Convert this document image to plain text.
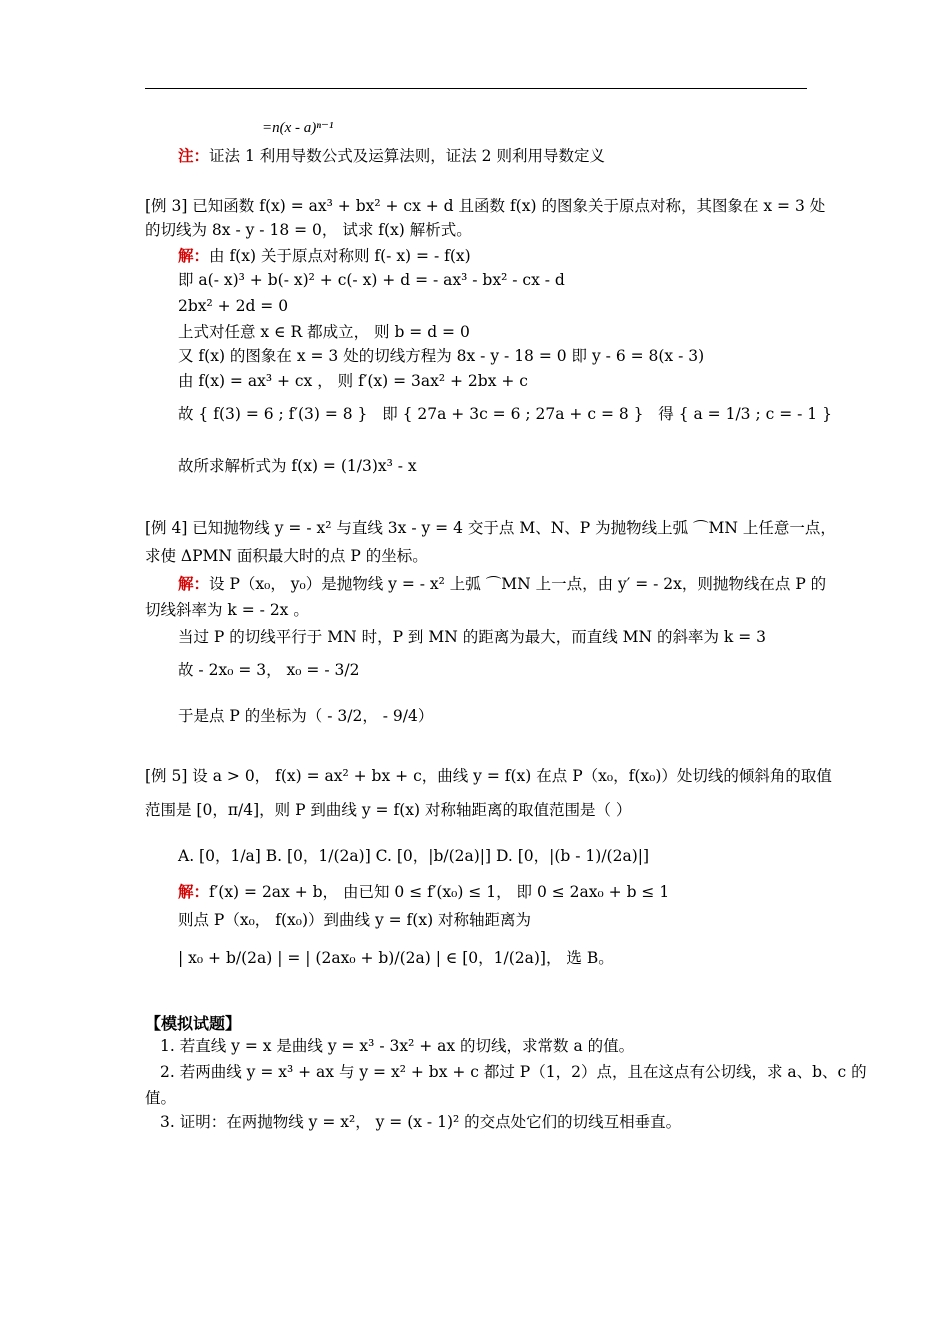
=n(x - a)ⁿ⁻¹
注：证法 1 利用导数公式及运算法则，证法 2 则利用导数定义
[例 3] 已知函数 f(x) = ax³ + bx² + cx + d 且函数 f(x) 的图象关于原点对称，其图象在 x = 3 处
的切线为 8x - y - 18 = 0， 试求 f(x) 解析式。
解：由 f(x) 关于原点对称则 f(- x) = - f(x)
即 a(- x)³ + b(- x)² + c(- x) + d = - ax³ - bx² - cx - d
2bx² + 2d = 0
上式对任意 x ∈ R 都成立， 则 b = d = 0
又 f(x) 的图象在 x = 3 处的切线方程为 8x - y - 18 = 0 即 y - 6 = 8(x - 3)
由 f(x) = ax³ + cx ， 则 f′(x) = 3ax² + 2bx + c
故 { f(3) = 6 ; f′(3) = 8 } 即 { 27a + 3c = 6 ; 27a + c = 8 } 得 { a = 1/3 ; c = - 1 }
故所求解析式为 f(x) = (1/3)x³ - x
[例 4] 已知抛物线 y = - x² 与直线 3x - y = 4 交于点 M、N、P 为抛物线上弧 ⌒MN 上任意一点，
求使 ΔPMN 面积最大时的点 P 的坐标。
解：设 P（x₀， y₀）是抛物线 y = - x² 上弧 ⌒MN 上一点，由 y′ = - 2x，则抛物线在点 P 的
切线斜率为 k = - 2x 。
当过 P 的切线平行于 MN 时，P 到 MN 的距离为最大，而直线 MN 的斜率为 k = 3
故 - 2x₀ = 3， x₀ = - 3/2
于是点 P 的坐标为（ - 3/2， - 9/4）
[例 5] 设 a > 0， f(x) = ax² + bx + c，曲线 y = f(x) 在点 P（x₀，f(x₀)）处切线的倾斜角的取值
范围是 [0，π/4]，则 P 到曲线 y = f(x) 对称轴距离的取值范围是（ ）
A. [0，1/a] B. [0，1/(2a)] C. [0，|b/(2a)|] D. [0，|(b - 1)/(2a)|]
解：f′(x) = 2ax + b， 由已知 0 ≤ f′(x₀) ≤ 1， 即 0 ≤ 2ax₀ + b ≤ 1
则点 P（x₀， f(x₀)）到曲线 y = f(x) 对称轴距离为
| x₀ + b/(2a) | = | (2ax₀ + b)/(2a) | ∈ [0，1/(2a)]， 选 B。
【模拟试题】
1. 若直线 y = x 是曲线 y = x³ - 3x² + ax 的切线，求常数 a 的值。
2. 若两曲线 y = x³ + ax 与 y = x² + bx + c 都过 P（1，2）点，且在这点有公切线，求 a、b、c 的
值。
3. 证明：在两抛物线 y = x²， y = (x - 1)² 的交点处它们的切线互相垂直。
